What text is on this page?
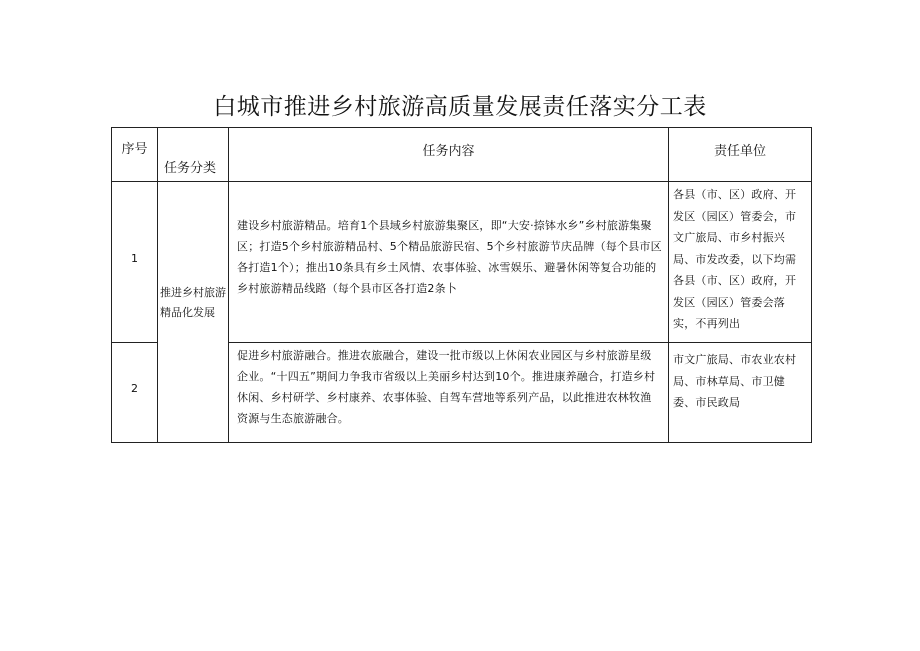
白城市推进乡村旅游高质量发展责任落实分工表
序号
任务分类
任务内容	责任单位
1
推进乡村旅游精品化发展
建设乡村旅游精品。培育1个县域乡村旅游集聚区，即“大安·捺钵水乡”乡村旅游集聚区；打造5个乡村旅游精品村、5个精品旅游民宿、5个乡村旅游节庆品牌（每个县市区各打造1个）；推出10条具有乡土风情、农事体验、冰雪娱乐、避暑休闲等复合功能的乡村旅游精品线路（每个县市区各打造2条卜
各县（市、区）政府、开发区（园区）管委会，市文广旅局、市乡村振兴局、市发改委，以下均需各县（市、区）政府，开发区（园区）管委会落实，不再列出
2
促进乡村旅游融合。推进农旅融合，建设一批市级以上休闲农业园区与乡村旅游星级企业。“十四五”期间力争我市省级以上美丽乡村达到10个。推进康养融合，打造乡村休闲、乡村研学、乡村康养、农事体验、自驾车营地等系列产品，以此推进农林牧渔资源与生态旅游融合。
市文广旅局、市农业农村局、市林草局、市卫健委、市民政局
